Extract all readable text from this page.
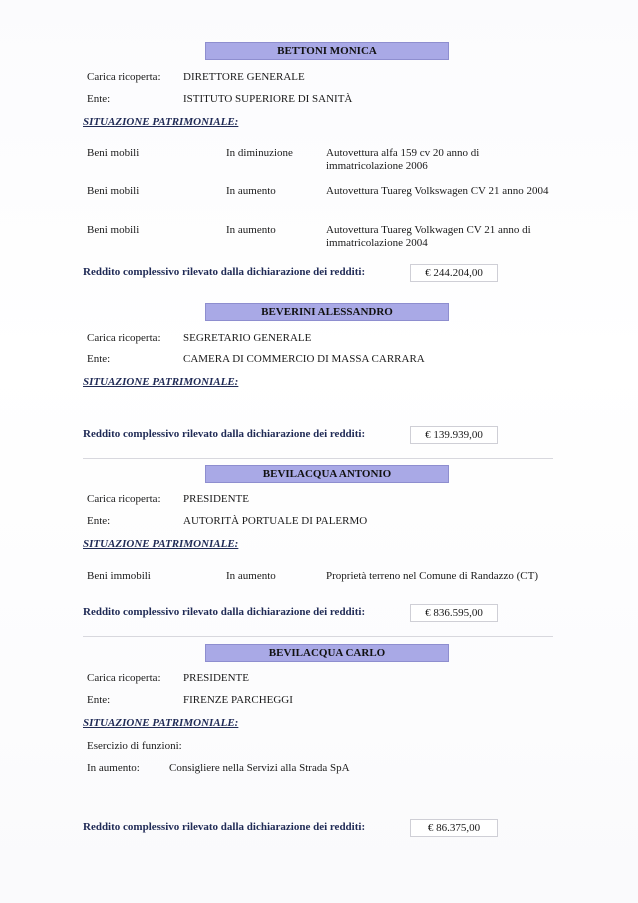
BETTONI MONICA
Carica ricoperta: DIRETTORE GENERALE
Ente:	ISTITUTO SUPERIORE DI SANITÀ
SITUAZIONE PATRIMONIALE:
Beni mobili	In diminuzione	Autovettura alfa 159 cv 20 anno di immatricolazione 2006
Beni mobili	In aumento	Autovettura Tuareg Volkswagen CV 21 anno 2004
Beni mobili	In aumento	Autovettura Tuareg Volkwagen CV 21 anno di immatricolazione 2004
Reddito complessivo rilevato dalla dichiarazione dei redditi:	€ 244.204,00
BEVERINI ALESSANDRO
Carica ricoperta: SEGRETARIO GENERALE
Ente:	CAMERA DI COMMERCIO DI MASSA CARRARA
SITUAZIONE PATRIMONIALE:
Reddito complessivo rilevato dalla dichiarazione dei redditi:	€ 139.939,00
BEVILACQUA ANTONIO
Carica ricoperta: PRESIDENTE
Ente:	AUTORITÀ PORTUALE DI PALERMO
SITUAZIONE PATRIMONIALE:
Beni immobili	In aumento	Proprietà terreno nel Comune di Randazzo (CT)
Reddito complessivo rilevato dalla dichiarazione dei redditi:	€ 836.595,00
BEVILACQUA CARLO
Carica ricoperta: PRESIDENTE
Ente:	FIRENZE PARCHEGGI
SITUAZIONE PATRIMONIALE:
Esercizio di funzioni:
In aumento:	Consigliere nella Servizi alla Strada SpA
Reddito complessivo rilevato dalla dichiarazione dei redditi:	€ 86.375,00
